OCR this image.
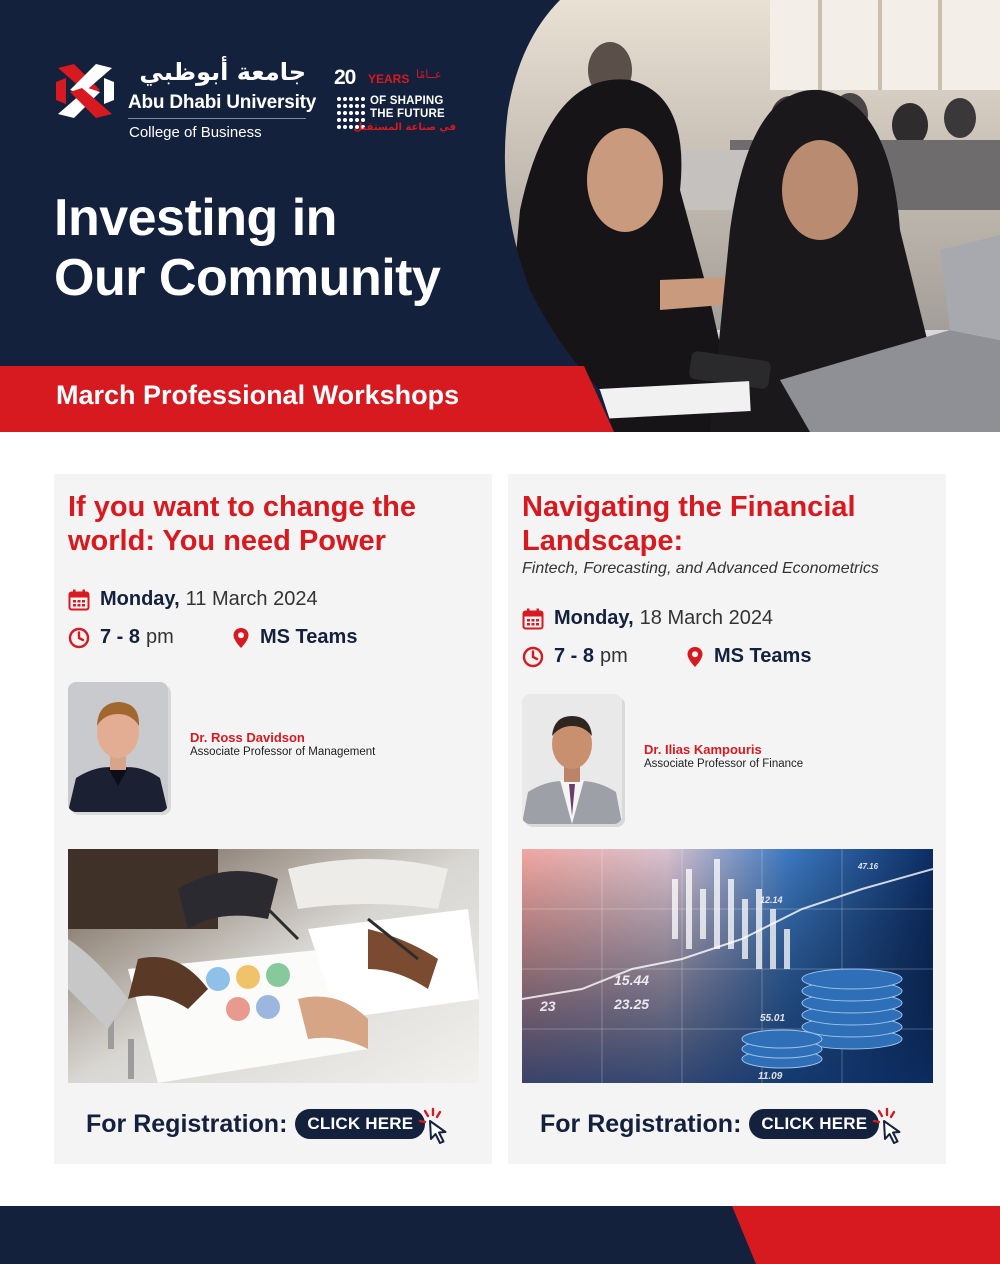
جامعة أبوظبي
Abu Dhabi University
College of Business
20 YEARS عــامًا
OF SHAPING
THE FUTURE
في صناعة المستقبل
Investing in
Our Community
March Professional Workshops
If you want to change the world: You need Power
Monday, 11 March 2024
7 - 8 pm	MS Teams
Dr. Ross Davidson
Associate Professor of Management
For Registration:	CLICK HERE
Navigating the Financial Landscape:
Fintech, Forecasting, and Advanced Econometrics
Monday, 18 March 2024
7 - 8 pm	MS Teams
Dr. Ilias Kampouris
Associate Professor of Finance
15.44
23	23.25
55.01
11.09
12.14
47.16
For Registration:	CLICK HERE
